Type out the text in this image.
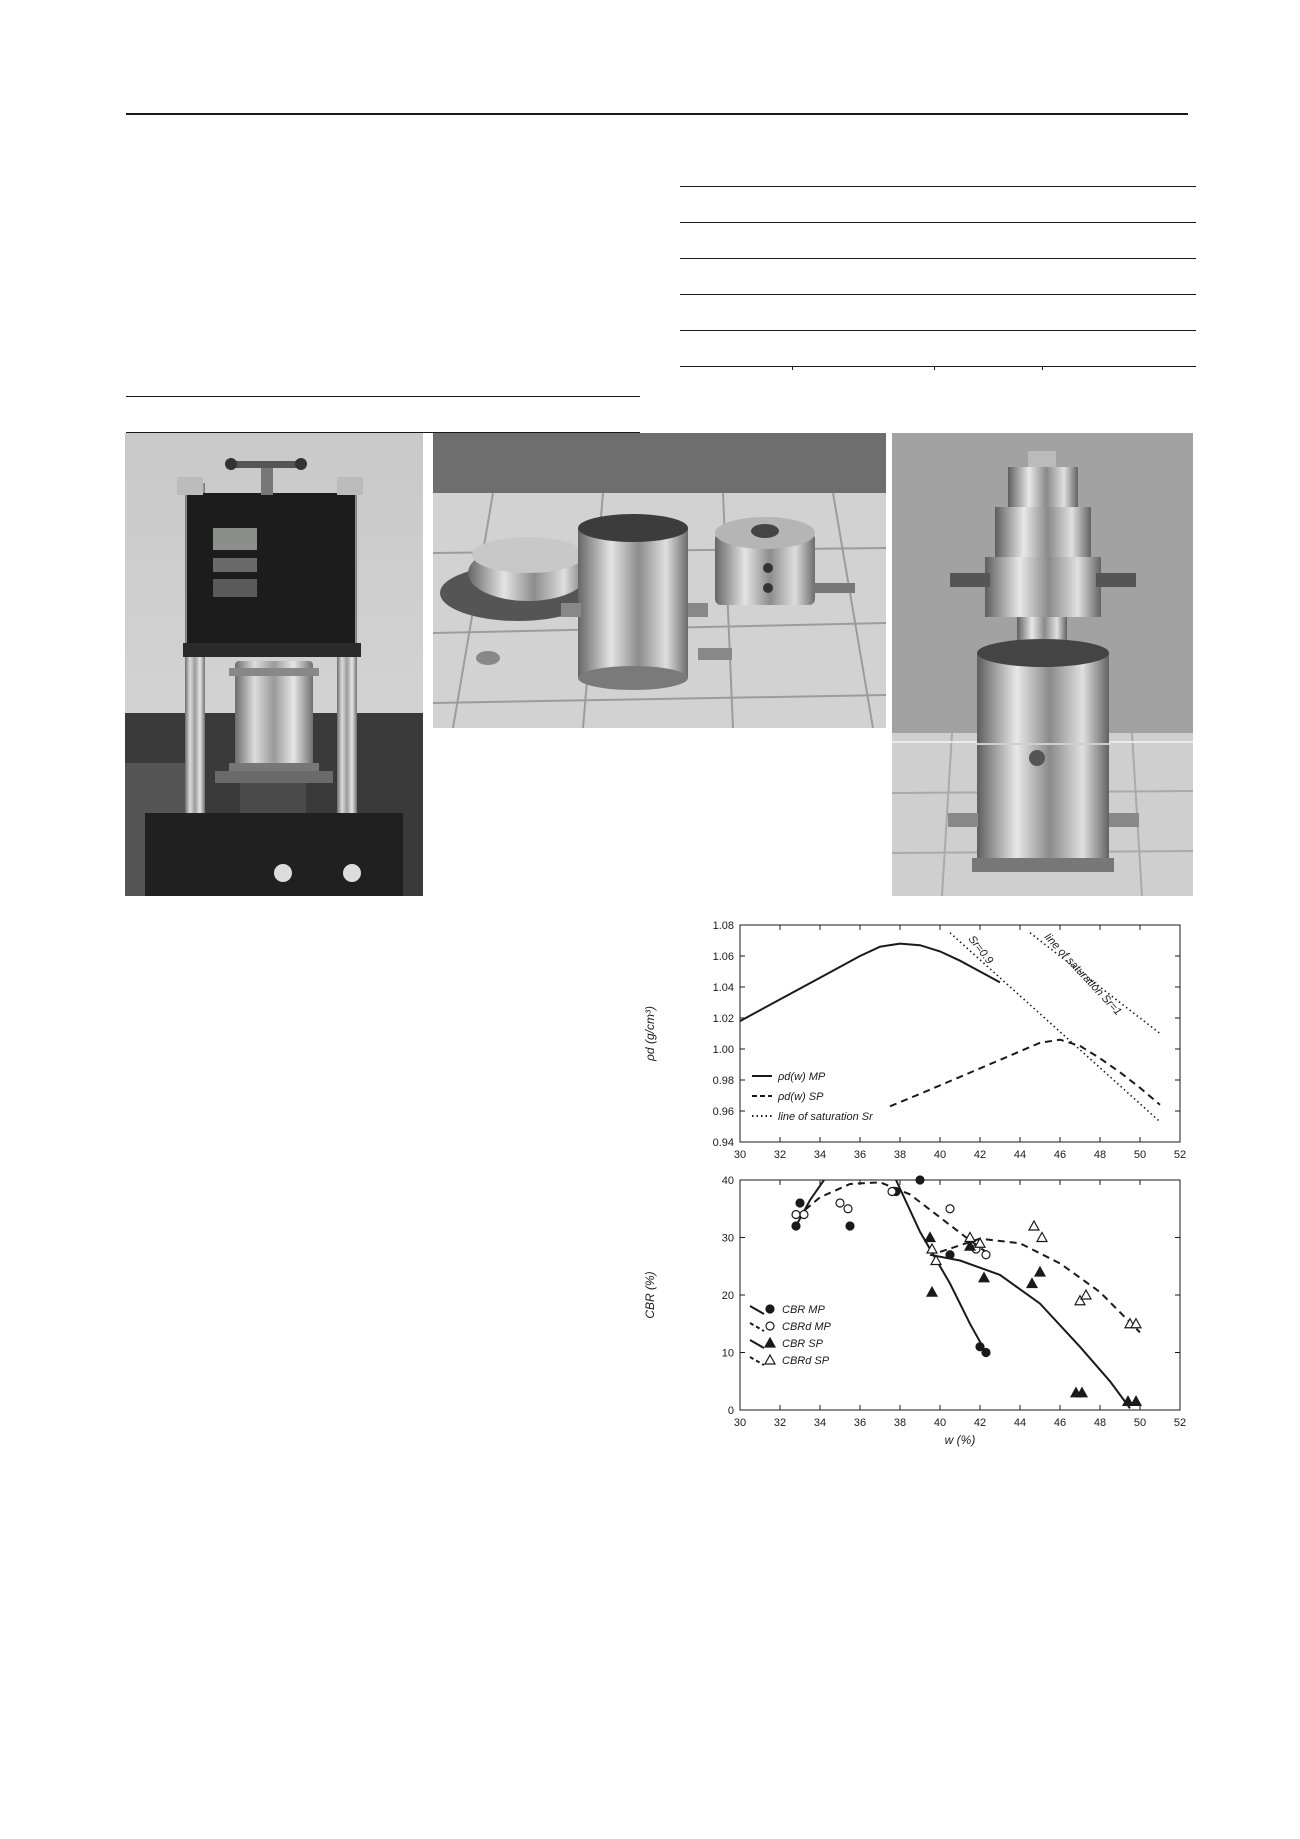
30	32	34	36	38	40	42	44	46	48	50	52
0.94
0.96
0.98
1.00
1.02
1.04
1.06
1.08
ρd (g/cm³)
Sr=0.9	line of saturation Sr=1
ρd(w) MP
ρd(w) SP
line of saturation Sr
30	32	34	36	38	40	42	44	46	48	50	52
0
10
20
30
40
CBR (%)
w (%)
CBR MP
CBRd MP
CBR SP
CBRd SP
